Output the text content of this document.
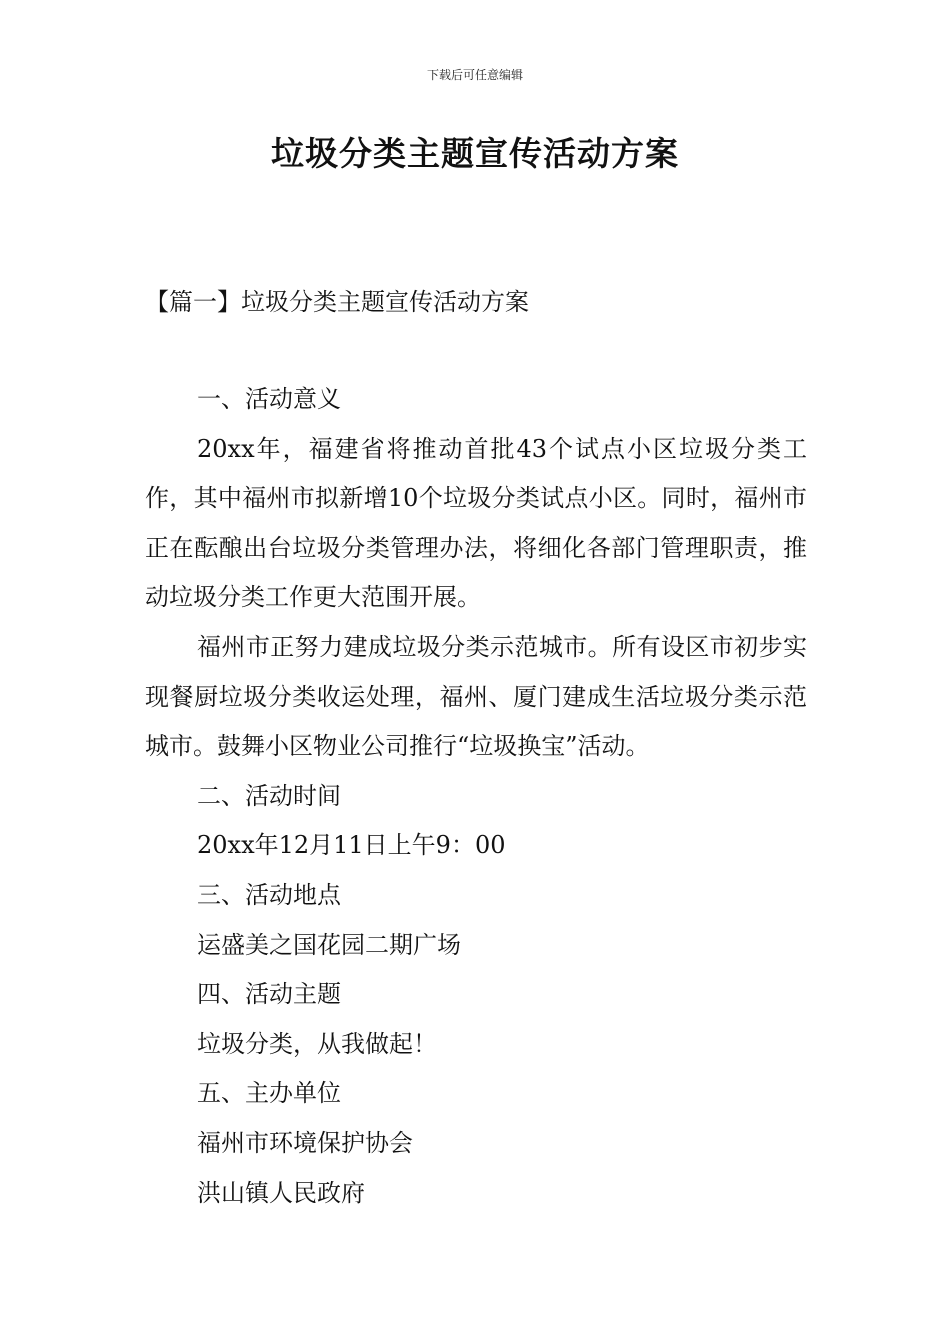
下载后可任意编辑
垃圾分类主题宣传活动方案
【篇一】垃圾分类主题宣传活动方案

一、活动意义

20xx年，福建省将推动首批43个试点小区垃圾分类工作，其中福州市拟新增10个垃圾分类试点小区。同时，福州市正在酝酿出台垃圾分类管理办法，将细化各部门管理职责，推动垃圾分类工作更大范围开展。

福州市正努力建成垃圾分类示范城市。所有设区市初步实现餐厨垃圾分类收运处理，福州、厦门建成生活垃圾分类示范城市。鼓舞小区物业公司推行“垃圾换宝”活动。

二、活动时间

20xx年12月11日上午9：00

三、活动地点

运盛美之国花园二期广场

四、活动主题

垃圾分类，从我做起！

五、主办单位

福州市环境保护协会

洪山镇人民政府
